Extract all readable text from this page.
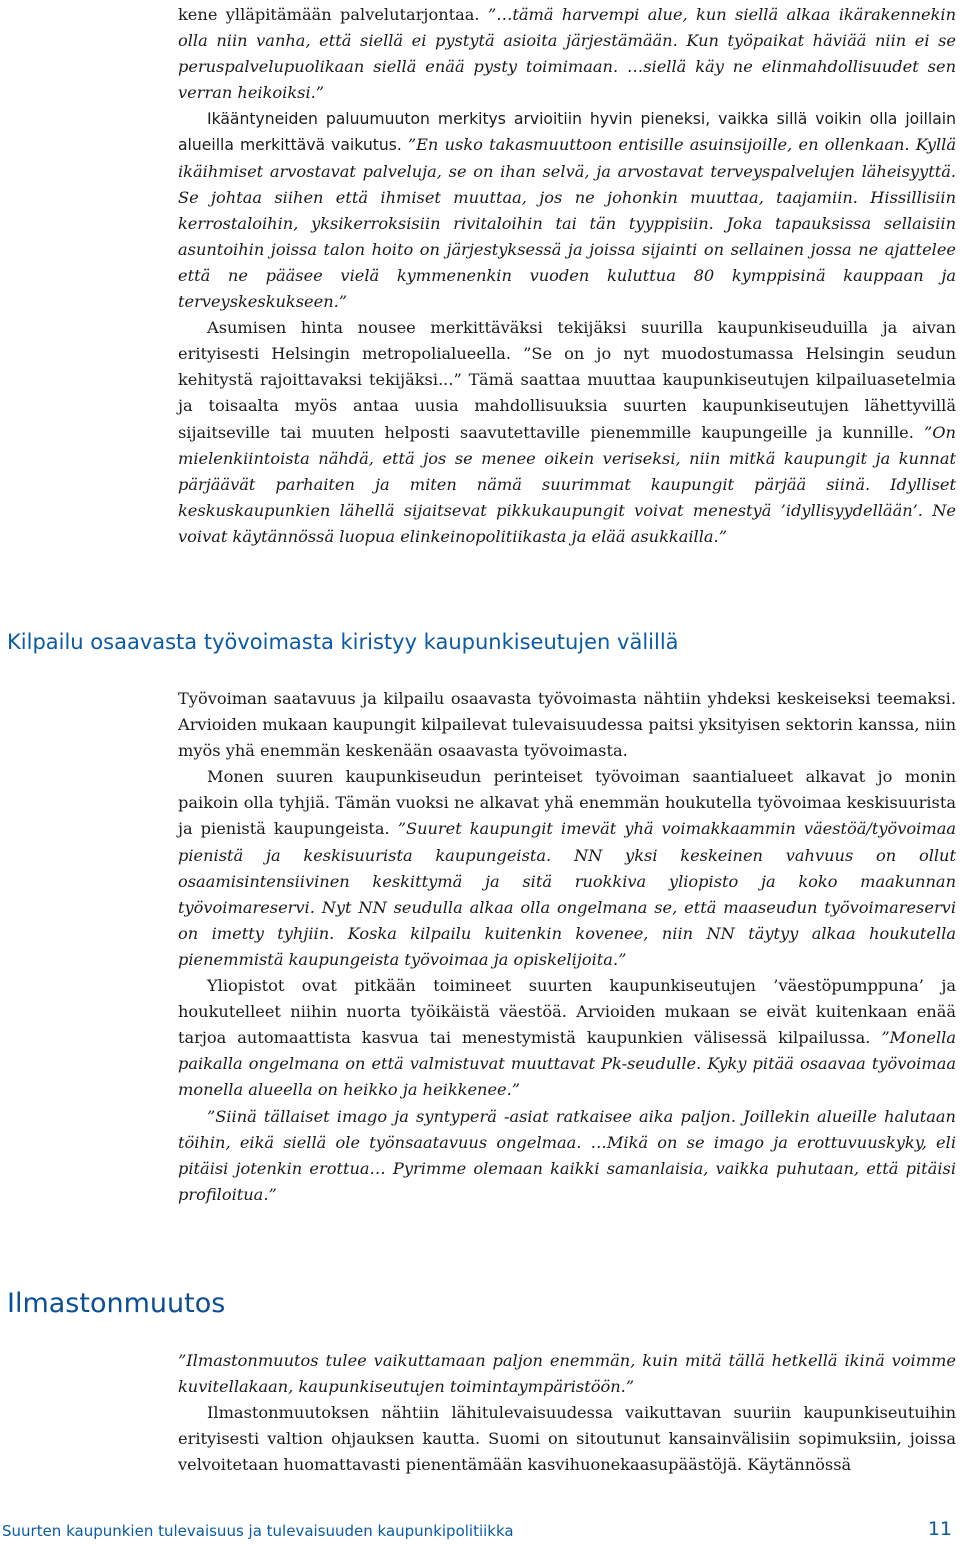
kene ylläpitämään palvelutarjontaa. ”…tämä harvempi alue, kun siellä alkaa ikärakennekin olla niin vanha, että siellä ei pystytä asioita järjestämään. Kun työpaikat häviää niin ei se peruspalvelupuolikaan siellä enää pysty toimimaan. …siellä käy ne elinmahdollisuudet sen verran heikoiksi.”

Ikääntyneiden paluumuuton merkitys arvioitiin hyvin pieneksi, vaikka sillä voikin olla joillain alueilla merkittävä vaikutus. ”En usko takasmuuttoon entisille asuinsijoille, en ollenkaan. Kyllä ikäihmiset arvostavat palveluja, se on ihan selvä, ja arvostavat terveyspalvelujen läheisyyttä. Se johtaa siihen että ihmiset muuttaa, jos ne johonkin muuttaa, taajamiin. Hissillisiin kerrostaloihin, yksikerroksisiin rivitaloihin tai tän tyyppisiin. Joka tapauksissa sellaisiin asuntoihin joissa talon hoito on järjestyksessä ja joissa sijainti on sellainen jossa ne ajattelee että ne pääsee vielä kymmenenkin vuoden kuluttua 80 kymppisinä kauppaan ja terveyskeskukseen.”

Asumisen hinta nousee merkittäväksi tekijäksi suurilla kaupunkiseuduilla ja aivan erityisesti Helsingin metropolialueella. ”Se on jo nyt muodostumassa Helsingin seudun kehitystä rajoittavaksi tekijäksi...” Tämä saattaa muuttaa kaupunkiseutujen kilpailuasetelmia ja toisaalta myös antaa uusia mahdollisuuksia suurten kaupunkiseutujen lähettyvillä sijaitseville tai muuten helposti saavutettaville pienemmille kaupungeille ja kunnille. ”On mielenkiintoista nähdä, että jos se menee oikein veriseksi, niin mitkä kaupungit ja kunnat pärjäävät parhaiten ja miten nämä suurimmat kaupungit pärjää siinä. Idylliset keskuskaupunkien lähellä sijaitsevat pikkukaupungit voivat menestyä ’idyllisyydellään’. Ne voivat käytännössä luopua elinkeinopolitiikasta ja elää asukkailla.”

Kilpailu osaavasta työvoimasta kiristyy kaupunkiseutujen välillä

Työvoiman saatavuus ja kilpailu osaavasta työvoimasta nähtiin yhdeksi keskeiseksi teemaksi. Arvioiden mukaan kaupungit kilpailevat tulevaisuudessa paitsi yksityisen sektorin kanssa, niin myös yhä enemmän keskenään osaavasta työvoimasta.

Monen suuren kaupunkiseudun perinteiset työvoiman saantialueet alkavat jo monin paikoin olla tyhjiä. Tämän vuoksi ne alkavat yhä enemmän houkutella työvoimaa keskisuurista ja pienistä kaupungeista. ”Suuret kaupungit imevät yhä voimakkaammin väestöä/työvoimaa pienistä ja keskisuurista kaupungeista. NN yksi keskeinen vahvuus on ollut osaamisintensiivinen keskittymä ja sitä ruokkiva yliopisto ja koko maakunnan työvoimareservi. Nyt NN seudulla alkaa olla ongelmana se, että maaseudun työvoimareservi on imetty tyhjiin. Koska kilpailu kuitenkin kovenee, niin NN täytyy alkaa houkutella pienemmistä kaupungeista työvoimaa ja opiskelijoita.”

Yliopistot ovat pitkään toimineet suurten kaupunkiseutujen ’väestöpumppuna’ ja houkutelleet niihin nuorta työikäistä väestöä. Arvioiden mukaan se eivät kuitenkaan enää tarjoa automaattista kasvua tai menestymistä kaupunkien välisessä kilpailussa. ”Monella paikalla ongelmana on että valmistuvat muuttavat Pk-seudulle. Kyky pitää osaavaa työvoimaa monella alueella on heikko ja heikkenee.”

”Siinä tällaiset imago ja syntyperä -asiat ratkaisee aika paljon. Joillekin alueille halutaan töihin, eikä siellä ole työnsaatavuus ongelmaa. …Mikä on se imago ja erottuvuuskyky, eli pitäisi jotenkin erottua… Pyrimme olemaan kaikki samanlaisia, vaikka puhutaan, että pitäisi profiloitua.”

Ilmastonmuutos

”Ilmastonmuutos tulee vaikuttamaan paljon enemmän, kuin mitä tällä hetkellä ikinä voimme kuvitellakaan, kaupunkiseutujen toimintaympäristöön.”

Ilmastonmuutoksen nähtiin lähitulevaisuudessa vaikuttavan suuriin kaupunkiseutuihin erityisesti valtion ohjauksen kautta. Suomi on sitoutunut kansainvälisiin sopimuksiin, joissa velvoitetaan huomattavasti pienentämään kasvihuonekaasupäästöjä. Käytännössä

Suurten kaupunkien tulevaisuus ja tulevaisuuden kaupunkipolitiikka	11
